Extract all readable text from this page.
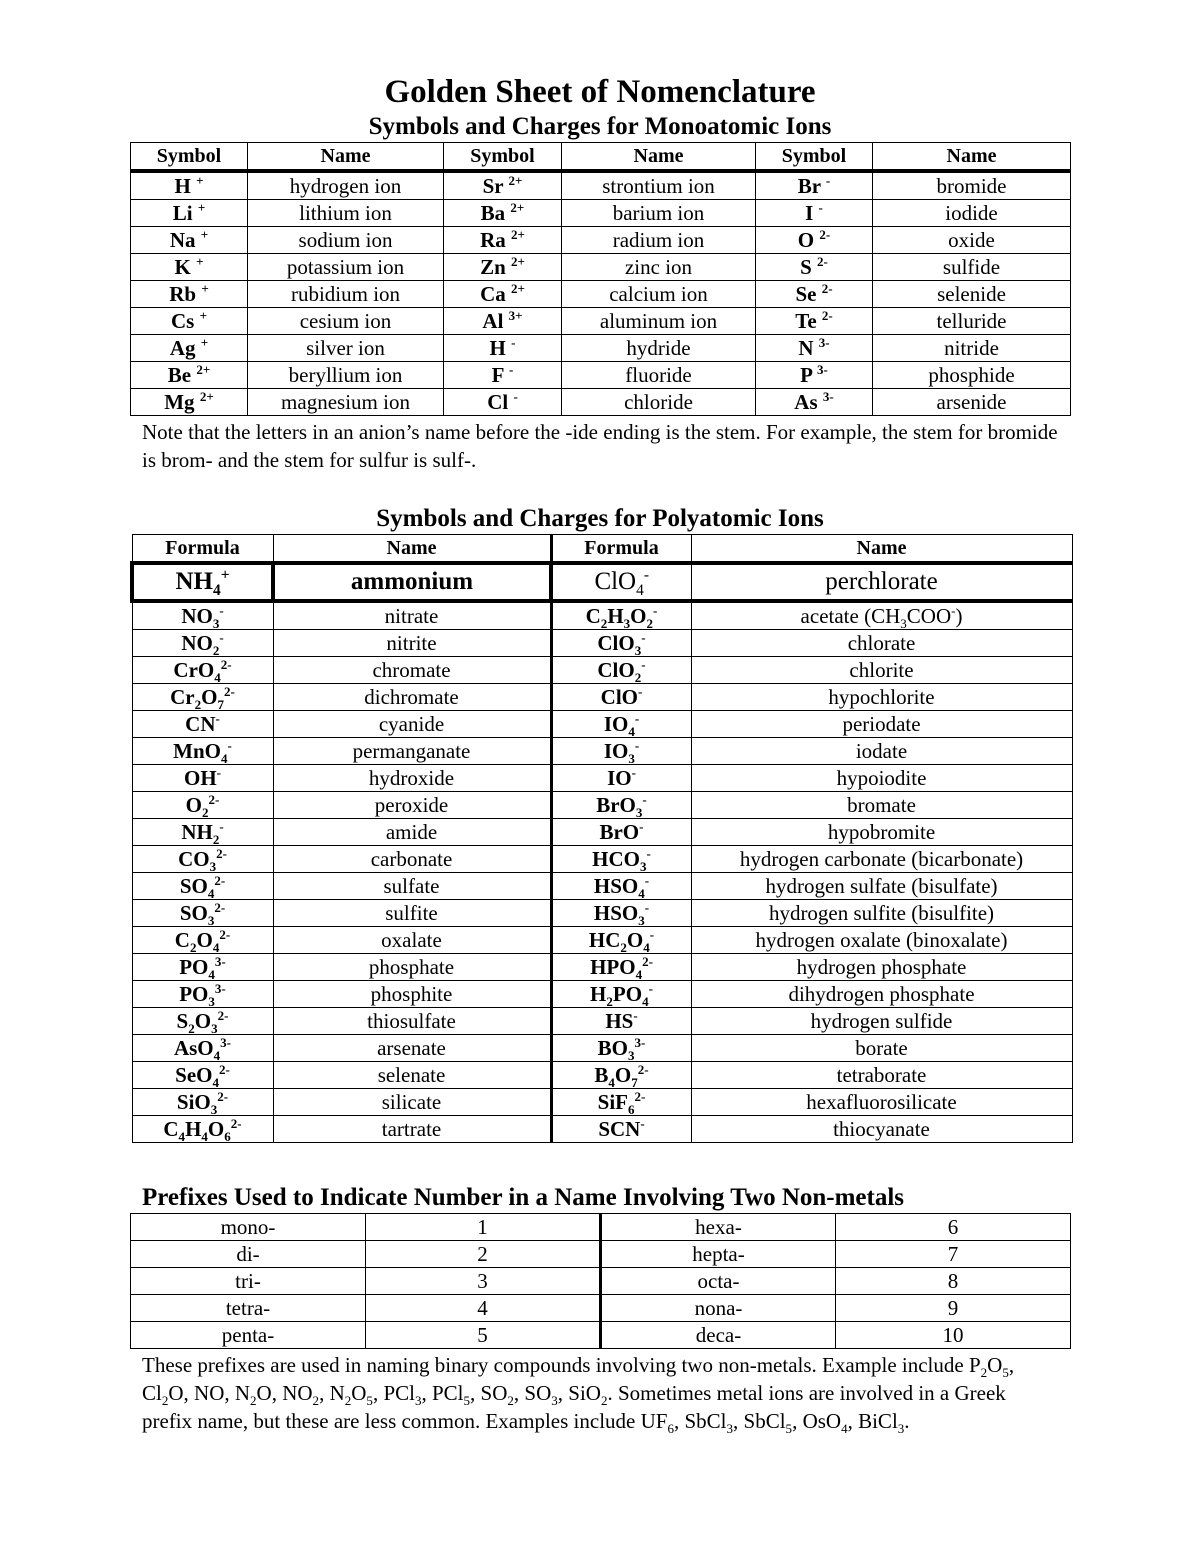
Golden Sheet of Nomenclature
Symbols and Charges for Monoatomic Ions
Symbol	Name	Symbol	Name	Symbol	Name
H +	hydrogen ion	Sr $^{2+}$	strontium ion	Br -	bromide
Li +	lithium ion	Ba $^{2+}$	barium ion	I -	iodide
Na +	sodium ion	Ra $^{2+}$	radium ion	O $^{2-}$	oxide
K +	potassium ion	Zn $^{2+}$	zinc ion	S $^{2-}$	sulfide
Rb +	rubidium ion	Ca $^{2+}$	calcium ion	Se $^{2-}$	selenide
Cs +	cesium ion	Al $^{3+}$	aluminum ion	Te $^{2-}$	telluride
Ag +	silver ion	H -	hydride	N $^{3-}$	nitride
Be $^{2+}$	beryllium ion	F -	fluoride	P $^{3-}$	phosphide
Mg $^{2+}$	magnesium ion	Cl -	chloride	As $^{3-}$	arsenide
Note that the letters in an anion’s name before the -ide ending is the stem. For example, the stem for bromide is brom- and the stem for sulfur is sulf-.
Symbols and Charges for Polyatomic Ions
Formula	Name	Formula	Name
$NH_4^+$	ammonium	ClO$_4$-	perchlorate
$NO_3^-$	nitrate	$C_2H_3O_2^-$	acetate $(CH_3COO^-)$
$NO_2^-$	nitrite	ClO$_3$-	chlorate
CrO$_4^{2-}$	chromate	ClO$_2$-	chlorite
$Cr_2O_7^{2-}$	dichromate	ClO-	hypochlorite
CN-	cyanide	$IO_4^-$	periodate
MnO$_4$-	permanganate	$IO_3^-$	iodate
OH-	hydroxide	IO-	hypoiodite
$O_2^{2-}$	peroxide	BrO$_3$-	bromate
$NH_2^-$	amide	BrO-	hypobromite
$CO_3^{2-}$	carbonate	$HCO_3^-$	hydrogen carbonate (bicarbonate)
$SO_4^{2-}$	sulfate	$HSO_4^-$	hydrogen sulfate (bisulfate)
$SO_3^{2-}$	sulfite	$HSO_3^-$	hydrogen sulfite (bisulfite)
$C_2O_4^{2-}$	oxalate	$HC_2O_4^-$	hydrogen oxalate (binoxalate)
$PO_4^{3-}$	phosphate	$HPO_4^{2-}$	hydrogen phosphate
$PO_3^{3-}$	phosphite	$H_2PO_4^-$	dihydrogen phosphate
$S_2O_3^{2-}$	thiosulfate	HS-	hydrogen sulfide
AsO$_4^{3-}$	arsenate	$BO_3^{3-}$	borate
SeO$_4^{2-}$	selenate	$B_4O_7^{2-}$	tetraborate
SiO$_3^{2-}$	silicate	SiF$_6^{2-}$	hexafluorosilicate
$C_4H_4O_6^{2-}$	tartrate	SCN-	thiocyanate
Prefixes Used to Indicate Number in a Name Involving Two Non-metals
mono-	1	hexa-	6
di-	2	hepta-	7
tri-	3	octa-	8
tetra-	4	nona-	9
penta-	5	deca-	10
These prefixes are used in naming binary compounds involving two non-metals. Example include $P_2O_5$, $Cl_2O$, NO, $N_2O$, $NO_2$, $N_2O_5$, PCl$_3$, PCl$_5$, $SO_2$, $SO_3$, SiO$_2$. Sometimes metal ions are involved in a Greek prefix name, but these are less common. Examples include $UF_6$, SbCl$_3$, SbCl$_5$, OsO$_4$, BiCl$_3$.
